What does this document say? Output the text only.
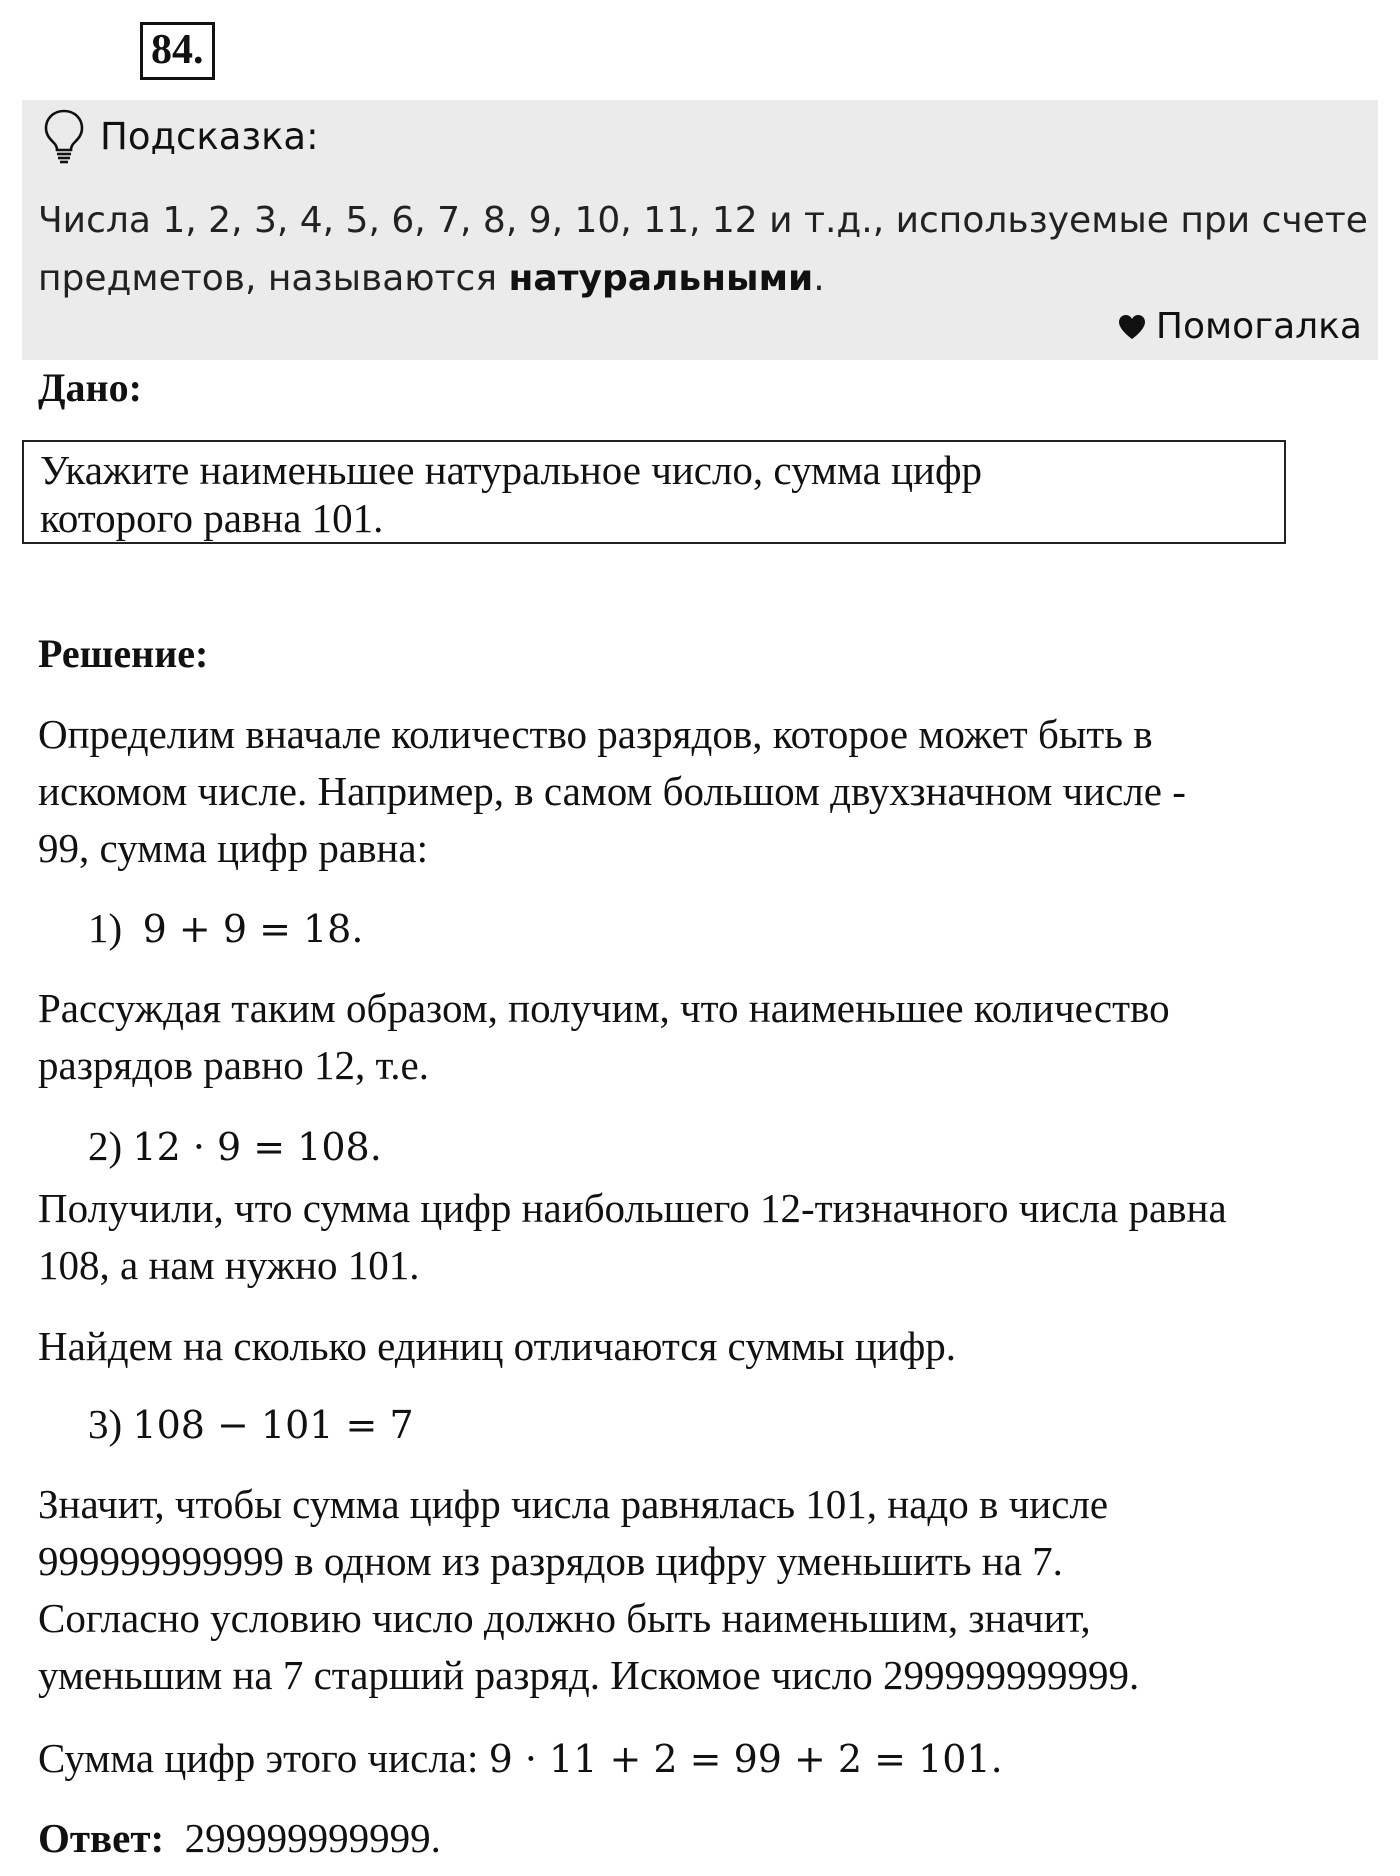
84.
Подсказка:
Числа 1, 2, 3, 4, 5, 6, 7, 8, 9, 10, 11, 12 и т.д., используемые при счете предметов, называются натуральными.
Помогалка
Дано:
Укажите наименьшее натуральное число, сумма цифр
которого равна 101.
Решение:
Определим вначале количество разрядов, которое может быть в
искомом числе. Например, в самом большом двухзначном числе -
99, сумма цифр равна:
1) 9 + 9 = 18.
Рассуждая таким образом, получим, что наименьшее количество
разрядов равно 12, т.е.
2) 12 · 9 = 108.
Получили, что сумма цифр наибольшего 12-тизначного числа равна
108, а нам нужно 101.
Найдем на сколько единиц отличаются суммы цифр.
3) 108 − 101 = 7
Значит, чтобы сумма цифр числа равнялась 101, надо в числе
999999999999 в одном из разрядов цифру уменьшить на 7.
Согласно условию число должно быть наименьшим, значит,
уменьшим на 7 старший разряд. Искомое число 299999999999.
Сумма цифр этого числа: 9 · 11 + 2 = 99 + 2 = 101.
Ответ: 299999999999.
